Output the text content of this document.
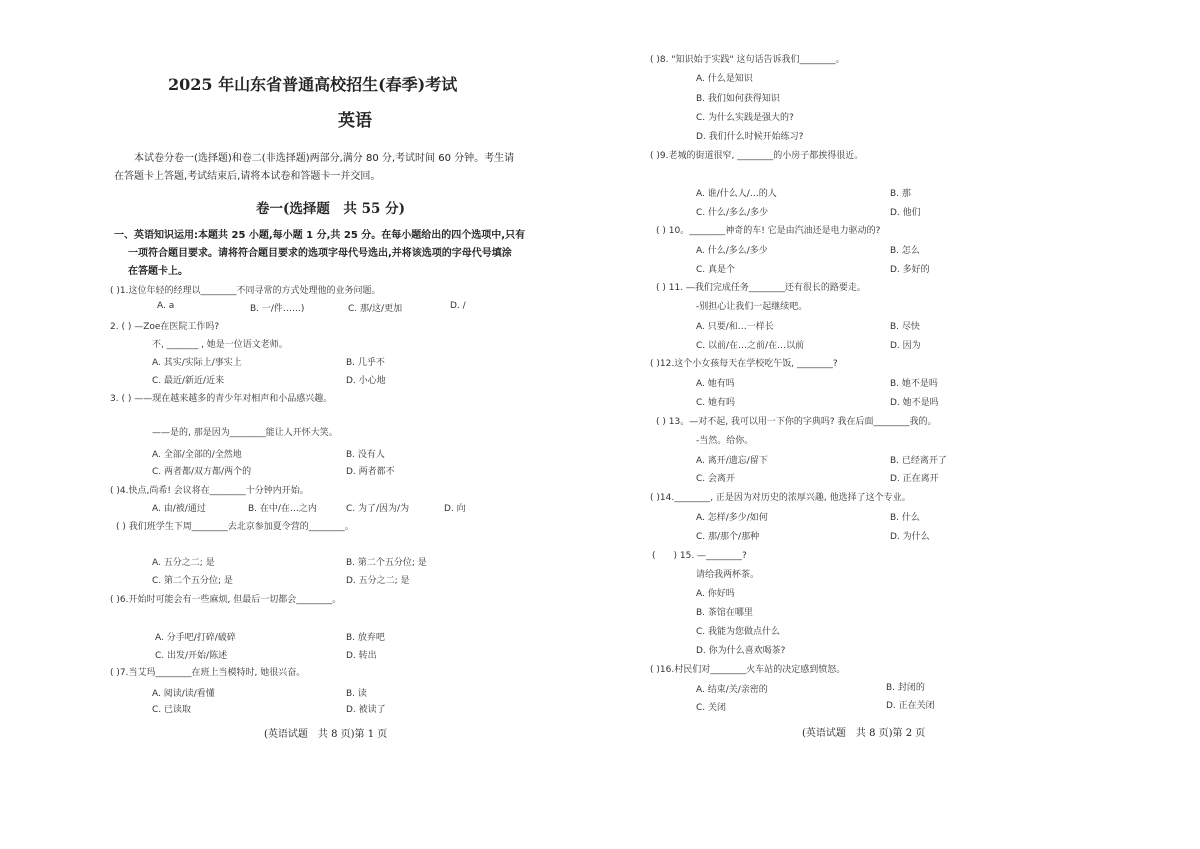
2025 年山东省普通高校招生(春季)考试
英语
本试卷分卷一(选择题)和卷二(非选择题)两部分,满分 80 分,考试时间 60 分钟。考生请
在答题卡上答题,考试结束后,请将本试卷和答题卡一并交回。
卷一(选择题　共 55 分)
一、英语知识运用:本题共 25 小题,每小题 1 分,共 25 分。在每小题给出的四个选项中,只有
一项符合题目要求。请将符合题目要求的选项字母代号选出,并将该选项的字母代号填涂
在答题卡上。
( )1.这位年轻的经理以________不同寻常的方式处理他的业务问题。
A. a	B. 一/件……)	C. 那/这/更加	D. /
2. ( ) —Zoe在医院工作吗?
不, _______ , 她是一位语文老师。
A. 其实/实际上/事实上	B. 几乎不
C. 最近/新近/近来	D. 小心地
3. ( ) ——现在越来越多的青少年对相声和小品感兴趣。
——是的, 那是因为________能让人开怀大笑。
A. 全部/全部的/全然地	B. 没有人
C. 两者都/双方都/两个的	D. 两者都不
( )4.快点,尚希! 会议将在________十分钟内开始。
A. 由/被/通过	B. 在中/在…之内	C. 为了/因为/为	D. 向
( ) 我们班学生下周________去北京参加夏令营的________。
A. 五分之二; 是	B. 第二个五分位; 是
C. 第二个五分位; 是	D. 五分之二; 是
( )6.开始时可能会有一些麻烦, 但最后一切都会________。
A. 分手吧/打碎/破碎	B. 放弃吧
C. 出发/开始/陈述	D. 转出
( )7.当艾玛________在班上当模特时, 她很兴奋。
A. 阅读/读/看懂	B. 读
C. 已读取	D. 被读了
(英语试题　共 8 页)第 1 页
( )8. "知识始于实践" 这句话告诉我们________。
A. 什么是知识
B. 我们如何获得知识
C. 为什么实践是强大的?
D. 我们什么时候开始练习?
( )9.老城的街道很窄, ________的小房子都挨得很近。
A. 谁/什么人/…的人	B. 那
C. 什么/多么/多少	D. 他们
( ) 10。________神奇的车! 它是由汽油还是电力驱动的?
A. 什么/多么/多少	B. 怎么
C. 真是个	D. 多好的
( ) 11. —我们完成任务________还有很长的路要走。
-别担心让我们一起继续吧。
A. 只要/和…一样长	B. 尽快
C. 以前/在…之前/在…以前	D. 因为
( )12.这个小女孩每天在学校吃午饭, ________?
A. 她有吗	B. 她不是吗
C. 她有吗	D. 她不是吗
( ) 13。—对不起, 我可以用一下你的字典吗? 我在后面________我的。
-当然。给你。
A. 离开/遗忘/留下	B. 已经离开了
C. 会离开	D. 正在离开
( )14.________, 正是因为对历史的浓厚兴趣, 他选择了这个专业。
A. 怎样/多少/如何	B. 什么
C. 那/那个/那种	D. 为什么
(　　) 15. —________?
请给我两杯茶。
A. 你好吗
B. 茶馆在哪里
C. 我能为您做点什么
D. 你为什么喜欢喝茶?
( )16.村民们对________火车站的决定感到愤怒。
A. 结束/关/亲密的	B. 封闭的
C. 关闭	D. 正在关闭
(英语试题　共 8 页)第 2 页
